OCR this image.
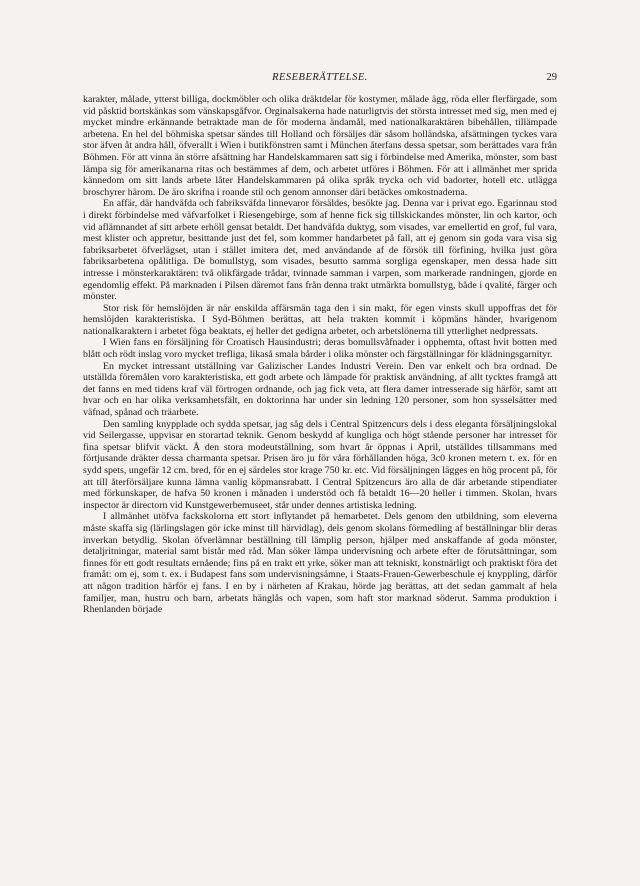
RESEBERÄTTELSE.	29

karakter, målade, ytterst billiga, dockmöbler och olika dräktdelar för kostymer, målade ägg, röda eller flerfärgade, som vid påsktid bortskänkas som vänskapsgåfvor. Orginalsakerna hade naturligtvis det största intresset med sig, men med ej mycket mindre erkännande betraktade man de för moderna ändamål, med nationalkaraktären bibehållen, tillämpade arbetena. En hel del böhmiska spetsar sändes till Holland och försäljes där såsom holländska, afsättningen tyckes vara stor äfven åt andra håll, öfverallt i Wien i butikfönstren samt i München återfans dessa spetsar, som berättades vara från Böhmen. För att vinna än större afsättning har Handelskammaren satt sig i förbindelse med Amerika, mönster, som bast lämpa sig för amerikanarna ritas och bestämmes af dem, och arbetet utföres i Böhmen. För att i allmänhet mer sprida kännedom om sitt lands arbete låter Handelskammaren på olika språk trycka och vid badorter, hotell etc. utlägga broschyrer härom. De äro skrifna i roande stil och genom annonser däri betäckes omkostnaderna.

En affär, där handväfda och fabriksväfda linnevaror försäldes, besökte jag. Denna var i privat ego. Egarinnau stod i direkt förbindelse med väfvarfolket i Riesengebirge, som af henne fick sig tillskickandes mönster, lin och kartor, och vid aflämnandet af sitt arbete erhöll gensat betaldt. Det handväfda duktyg, som visades, var emellertid en grof, ful vara, mest klister och appretur, besittande just det fel, som kommer handarbetet på fall, att ej genom sin goda vara visa sig fabriksarbetet öfverlägset, utan i stället imitera det, med användande af de försök till förfining, hvilka just göra fabriksarbetena opålitliga. De bomullstyg, som visades, besutto samma sorgliga egenskaper, men dessa hade sitt intresse i mönsterkaraktären: två olikfärgade trådar, tvinnade samman i varpen, som markerade randningen, gjorde en egendomlig effekt. På marknaden i Pilsen däremot fans från denna trakt utmärkta bomullstyg, både i qvalité, färger och mönster.

Stor risk för hemslöjden är när enskilda affärsmän taga den i sin makt, för egen vinsts skull uppoffras det för hemslöjden karakteristiska. I Syd-Böhmen berättas, att hela trakten kommit i köpmäns händer, hvarigenom nationalkaraktern i arbetet föga beaktats, ej heller det gedigna arbetet, och arbetslönerna till ytterlighet nedpressats.

I Wien fans en försäljning för Croatisch Hausindustri; deras bomullsvåfnader i opphemta, oftast hvit botten med blått och rödt inslag voro mycket trefliga, likaså smala bårder i olika mönster och färgställningar för klädningsgarnityr.

En mycket intressant utställning var Galizischer Landes Industri Verein. Den var enkelt och bra ordnad. De utställda föremålen voro karakteristiska, ett godt arbete och lämpade för praktisk användning, af allt tycktes framgå att det fanns en med tidens kraf väl förtrogen ordnande, och jag fick veta, att flera damer intresserade sig härför, samt att hvar och en har olika verksamhetsfält, en doktorinna har under sin ledning 120 personer, som hon sysselsätter med väfnad, spånad och träarbete.

Den samling knypplade och sydda spetsar, jag såg dels i Central Spitzencurs dels i dess eleganta försäljningslokal vid Seilergasse, uppvisar en storartad teknik. Genom beskydd af kungliga och högt stående personer har intresset för fina spetsar blifvit väckt. Å den stora modeutställning, som hvart år öppnas i April, utställdes tillsammans med förtjusande dräkter dessa charmanta spetsar. Prisen äro ju för våra förhållanden höga, 3c0 kronen metern t. ex. för en sydd spets, ungefär 12 cm. bred, för en ej särdeles stor krage 750 kr. etc. Vid försäljningen lägges en hög procent på, för att till återförsäljare kunna lämna vanlig köpmansrabatt. I Central Spitzencurs äro alla de där arbetande stipendiater med förkunskaper, de hafva 50 kronen i månaden i understöd och få betaldt 16—20 heller i timmen. Skolan, hvars inspector är directorn vid Kunstgewerbemuseet, står under dennes artistiska ledning.

I allmänhet utöfva fackskolorna ett stort inflytandet på hemarbetet. Dels genom den utbildning, som eleverna måste skaffa sig (lärlingslagen gör icke minst till härvidlag), dels genom skolans förmedling af beställningar blir deras inverkan betydlig. Skolan öfverlämnar beställning till lämplig person, hjälper med anskaffande af goda mönster, detaljritningar, material samt bistår med råd. Man söker lämpa undervisning och arbete efter de förutsättningar, som finnes för ett godt resultats ernående; fins på en trakt ett yrke, söker man att tekniskt, konstnärligt och praktiskt föra det framåt: om ej, som t. ex. i Budapest fans som undervisningsämne, i Staats-Frauen-Gewerbeschule ej knyppling, därför att någon tradition härför ej fans. I en by i närheten af Krakau, hörde jag berättas, att det sedan gammalt af hela familjer, man, hustru och barn, arbetats hänglås och vapen, som haft stor marknad söderut. Samma produktion i Rhenlanden började
